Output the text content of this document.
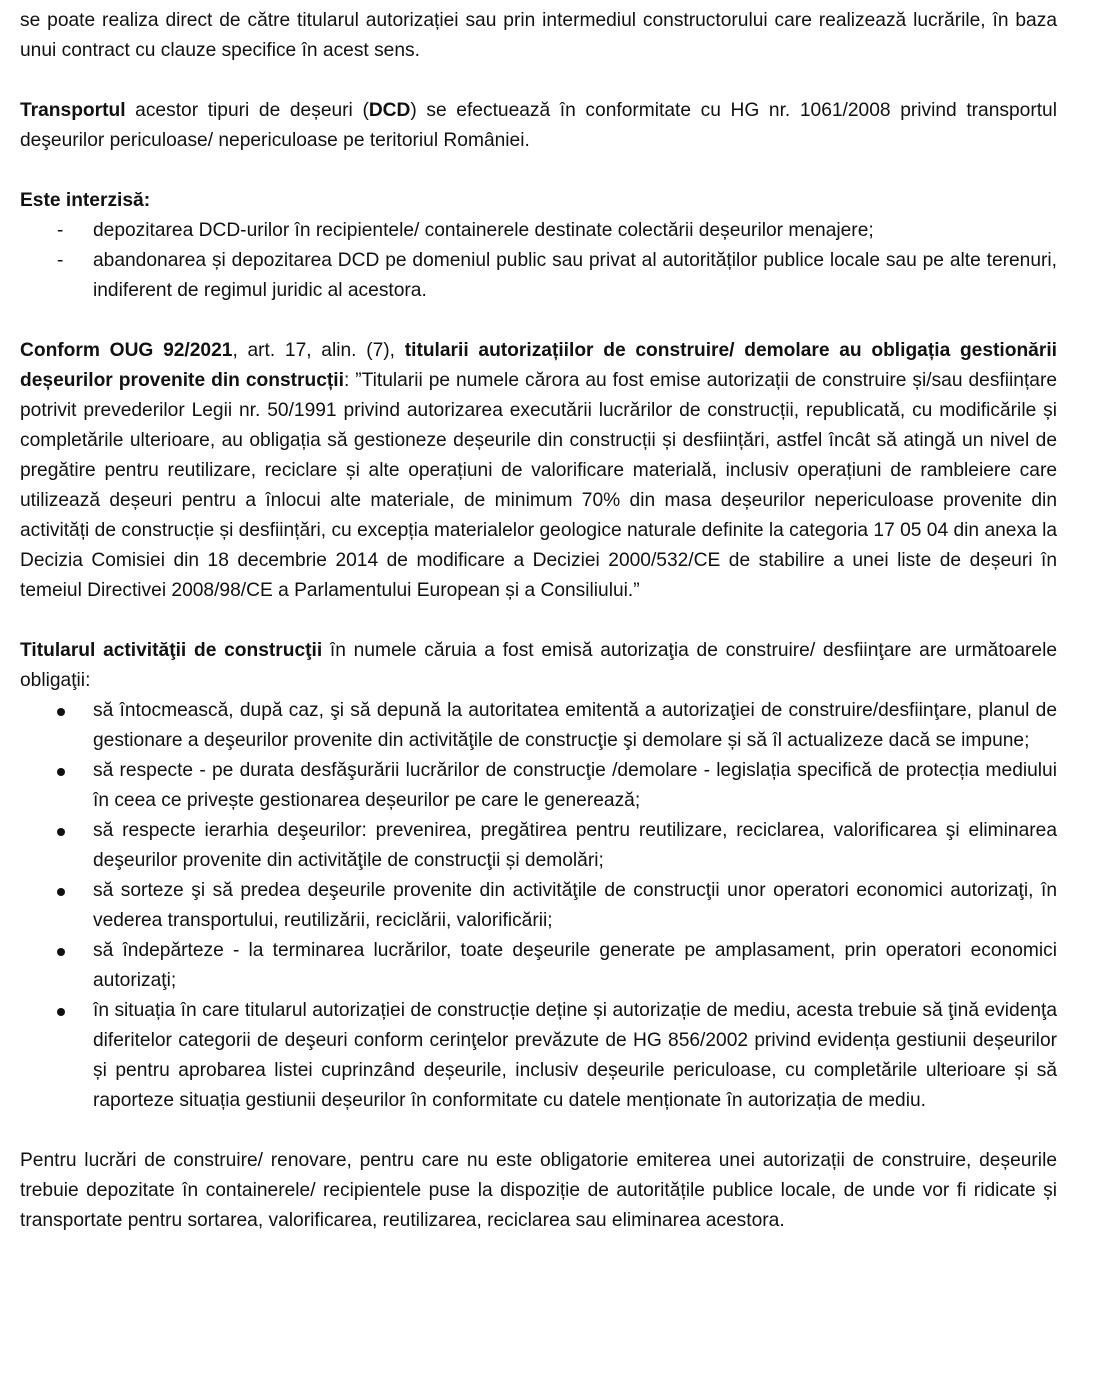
se poate realiza direct de către titularul autorizației sau prin intermediul constructorului care realizează lucrările, în baza unui contract cu clauze specifice în acest sens.

Transportul acestor tipuri de deșeuri (DCD) se efectuează în conformitate cu HG nr. 1061/2008 privind transportul deşeurilor periculoase/ nepericuloase pe teritoriul României.

Este interzisă:

- depozitarea DCD-urilor în recipientele/ containerele destinate colectării deșeurilor menajere;
- abandonarea și depozitarea DCD pe domeniul public sau privat al autorităților publice locale sau pe alte terenuri, indiferent de regimul juridic al acestora.

Conform OUG 92/2021, art. 17, alin. (7), titularii autorizațiilor de construire/ demolare au obligația gestionării deșeurilor provenite din construcții: ”Titularii pe numele cărora au fost emise autorizații de construire și/sau desființare potrivit prevederilor Legii nr. 50/1991 privind autorizarea executării lucrărilor de construcții, republicată, cu modificările și completările ulterioare, au obligația să gestioneze deșeurile din construcții și desființări, astfel încât să atingă un nivel de pregătire pentru reutilizare, reciclare și alte operațiuni de valorificare materială, inclusiv operațiuni de rambleiere care utilizează deșeuri pentru a înlocui alte materiale, de minimum 70% din masa deșeurilor nepericuloase provenite din activități de construcție și desființări, cu excepția materialelor geologice naturale definite la categoria 17 05 04 din anexa la Decizia Comisiei din 18 decembrie 2014 de modificare a Deciziei 2000/532/CE de stabilire a unei liste de deșeuri în temeiul Directivei 2008/98/CE a Parlamentului European și a Consiliului.”

Titularul activităţii de construcţii în numele căruia a fost emisă autorizaţia de construire/ desfiinţare are următoarele obligaţii:

să întocmească, după caz, şi să depună la autoritatea emitentă a autorizaţiei de construire/desfiinţare, planul de gestionare a deşeurilor provenite din activităţile de construcţie şi demolare și să îl actualizeze dacă se impune;
să respecte - pe durata desfăşurării lucrărilor de construcţie /demolare - legislația specifică de protecția mediului în ceea ce privește gestionarea deșeurilor pe care le generează;
să respecte ierarhia deşeurilor: prevenirea, pregătirea pentru reutilizare, reciclarea, valorificarea şi eliminarea deşeurilor provenite din activităţile de construcţii și demolări;
să sorteze şi să predea deşeurile provenite din activităţile de construcţii unor operatori economici autorizaţi, în vederea transportului, reutilizării, reciclării, valorificării;
să îndepărteze - la terminarea lucrărilor, toate deşeurile generate pe amplasament, prin operatori economici autorizaţi;
în situația în care titularul autorizației de construcție deține și autorizație de mediu, acesta trebuie să ţină evidenţa diferitelor categorii de deşeuri conform cerinţelor prevăzute de HG 856/2002 privind evidența gestiunii deșeurilor și pentru aprobarea listei cuprinzând deșeurile, inclusiv deșeurile periculoase, cu completările ulterioare și să raporteze situația gestiunii deșeurilor în conformitate cu datele menționate în autorizația de mediu.

Pentru lucrări de construire/ renovare, pentru care nu este obligatorie emiterea unei autorizații de construire, deșeurile trebuie depozitate în containerele/ recipientele puse la dispoziție de autoritățile publice locale, de unde vor fi ridicate și transportate pentru sortarea, valorificarea, reutilizarea, reciclarea sau eliminarea acestora.
